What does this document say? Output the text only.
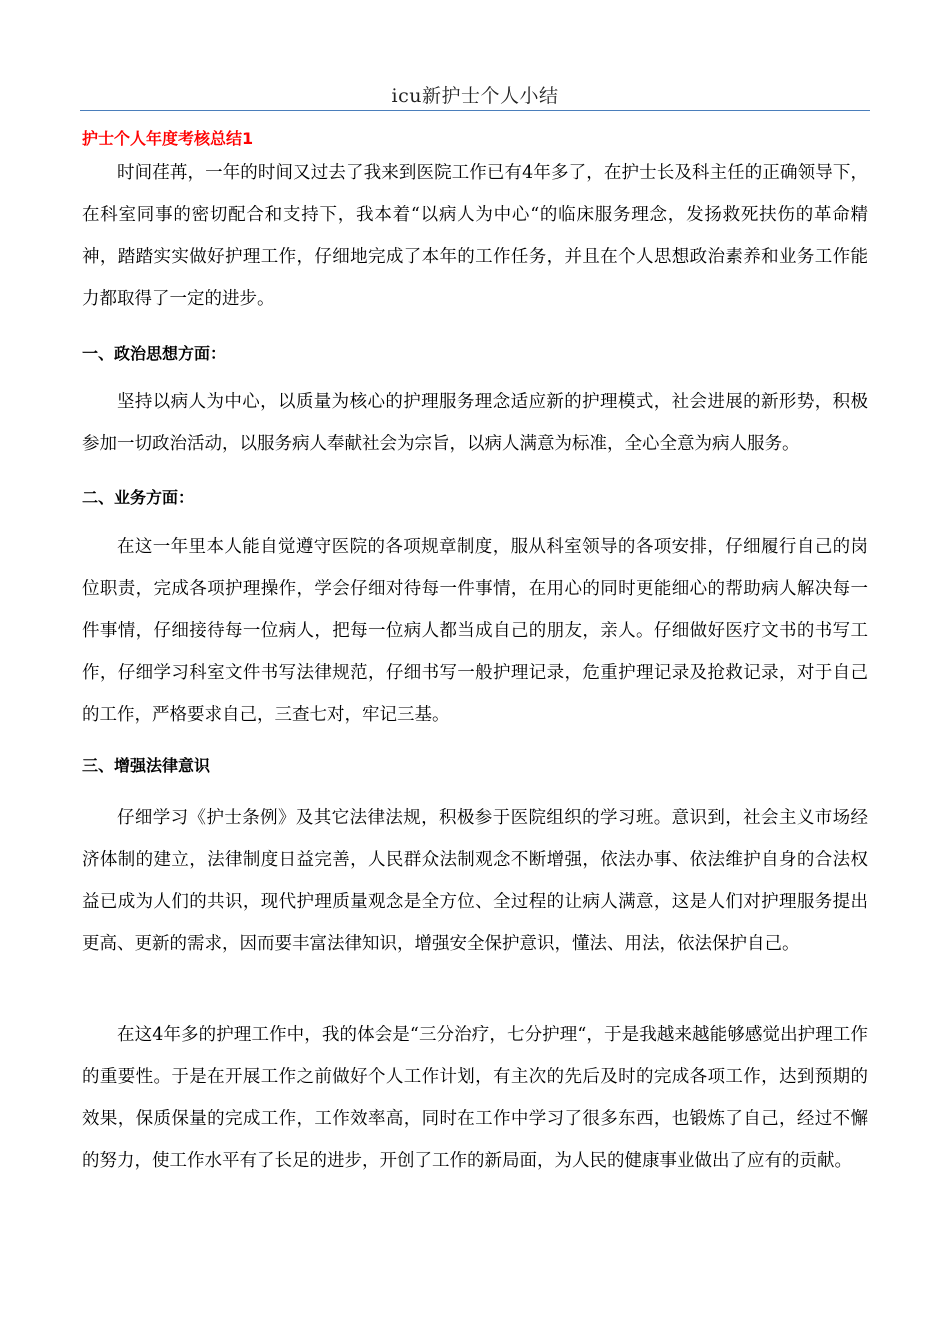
icu新护士个人小结
护士个人年度考核总结1

时间荏苒，一年的时间又过去了我来到医院工作已有4年多了，在护士长及科主任的正确领导下，在科室同事的密切配合和支持下，我本着“以病人为中心“的临床服务理念，发扬救死扶伤的革命精神，踏踏实实做好护理工作，仔细地完成了本年的工作任务，并且在个人思想政治素养和业务工作能力都取得了一定的进步。

一、政治思想方面：

坚持以病人为中心，以质量为核心的护理服务理念适应新的护理模式，社会进展的新形势，积极参加一切政治活动，以服务病人奉献社会为宗旨，以病人满意为标准，全心全意为病人服务。

二、业务方面：

在这一年里本人能自觉遵守医院的各项规章制度，服从科室领导的各项安排，仔细履行自己的岗位职责，完成各项护理操作，学会仔细对待每一件事情，在用心的同时更能细心的帮助病人解决每一件事情，仔细接待每一位病人，把每一位病人都当成自己的朋友，亲人。仔细做好医疗文书的书写工作，仔细学习科室文件书写法律规范，仔细书写一般护理记录，危重护理记录及抢救记录，对于自己的工作，严格要求自己，三查七对，牢记三基。

三、增强法律意识

仔细学习《护士条例》及其它法律法规，积极参于医院组织的学习班。意识到，社会主义市场经济体制的建立，法律制度日益完善，人民群众法制观念不断增强，依法办事、依法维护自身的合法权益已成为人们的共识，现代护理质量观念是全方位、全过程的让病人满意，这是人们对护理服务提出更高、更新的需求，因而要丰富法律知识，增强安全保护意识，懂法、用法，依法保护自己。

在这4年多的护理工作中，我的体会是“三分治疗，七分护理“，于是我越来越能够感觉出护理工作的重要性。于是在开展工作之前做好个人工作计划，有主次的先后及时的完成各项工作，达到预期的效果，保质保量的完成工作，工作效率高，同时在工作中学习了很多东西，也锻炼了自己，经过不懈的努力，使工作水平有了长足的进步，开创了工作的新局面，为人民的健康事业做出了应有的贡献。
